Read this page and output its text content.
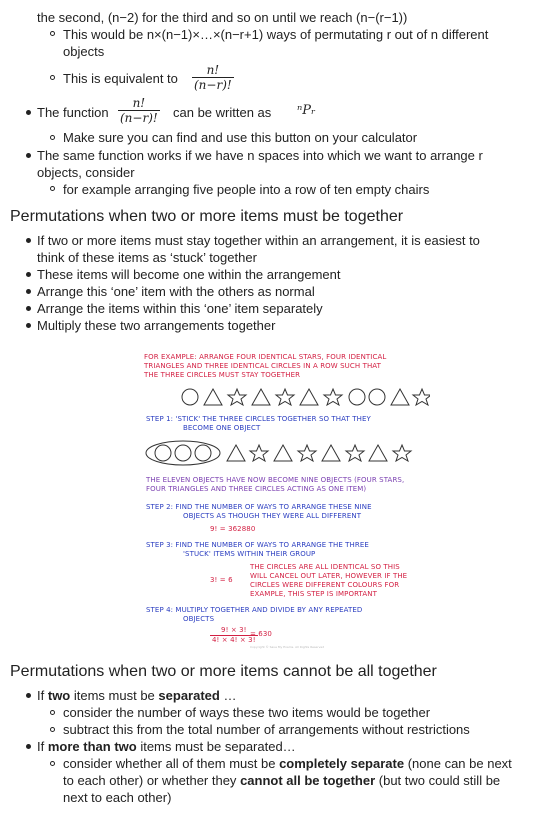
the second, (n−2) for the third and so on until we reach (n−(r−1))
This would be n×(n−1)×…×(n−r+1) ways of permutating r out of n different
objects
This is equivalent to $\frac{n!}{(n-r)!}$
The function $\frac{n!}{(n-r)!}$ can be written as ⁿPᵣ
Make sure you can find and use this button on your calculator
The same function works if we have n spaces into which we want to arrange r
objects, consider
for example arranging five people into a row of ten empty chairs
Permutations when two or more items must be together
If two or more items must stay together within an arrangement, it is easiest to
think of these items as ‘stuck’ together
These items will become one within the arrangement
Arrange this ‘one’ item with the others as normal
Arrange the items within this ‘one’ item separately
Multiply these two arrangements together
FOR EXAMPLE: ARRANGE FOUR IDENTICAL STARS, FOUR IDENTICAL
TRIANGLES AND THREE IDENTICAL CIRCLES IN A ROW SUCH THAT
THE THREE CIRCLES MUST STAY TOGETHER
STEP 1: 'STICK' THE THREE CIRCLES TOGETHER SO THAT THEY
BECOME ONE OBJECT
THE ELEVEN OBJECTS HAVE NOW BECOME NINE OBJECTS (FOUR STARS,
FOUR TRIANGLES AND THREE CIRCLES ACTING AS ONE ITEM)
STEP 2: FIND THE NUMBER OF WAYS TO ARRANGE THESE NINE
OBJECTS AS THOUGH THEY WERE ALL DIFFERENT
9! = 362880
STEP 3: FIND THE NUMBER OF WAYS TO ARRANGE THE THREE
'STUCK' ITEMS WITHIN THEIR GROUP
3! = 6
THE CIRCLES ARE ALL IDENTICAL SO THIS
WILL CANCEL OUT LATER, HOWEVER IF THE
CIRCLES WERE DIFFERENT COLOURS FOR
EXAMPLE, THIS STEP IS IMPORTANT
STEP 4: MULTIPLY TOGETHER AND DIVIDE BY ANY REPEATED
OBJECTS
$\frac{9! \times 3!}{4! \times 4! \times 3!}$
= 630
Copyright © Save My Exams. All Rights Reserved
Permutations when two or more items cannot be all together
If two items must be separated …
consider the number of ways these two items would be together
subtract this from the total number of arrangements without restrictions
If more than two items must be separated…
consider whether all of them must be completely separate (none can be next
to each other) or whether they cannot all be together (but two could still be
next to each other)
